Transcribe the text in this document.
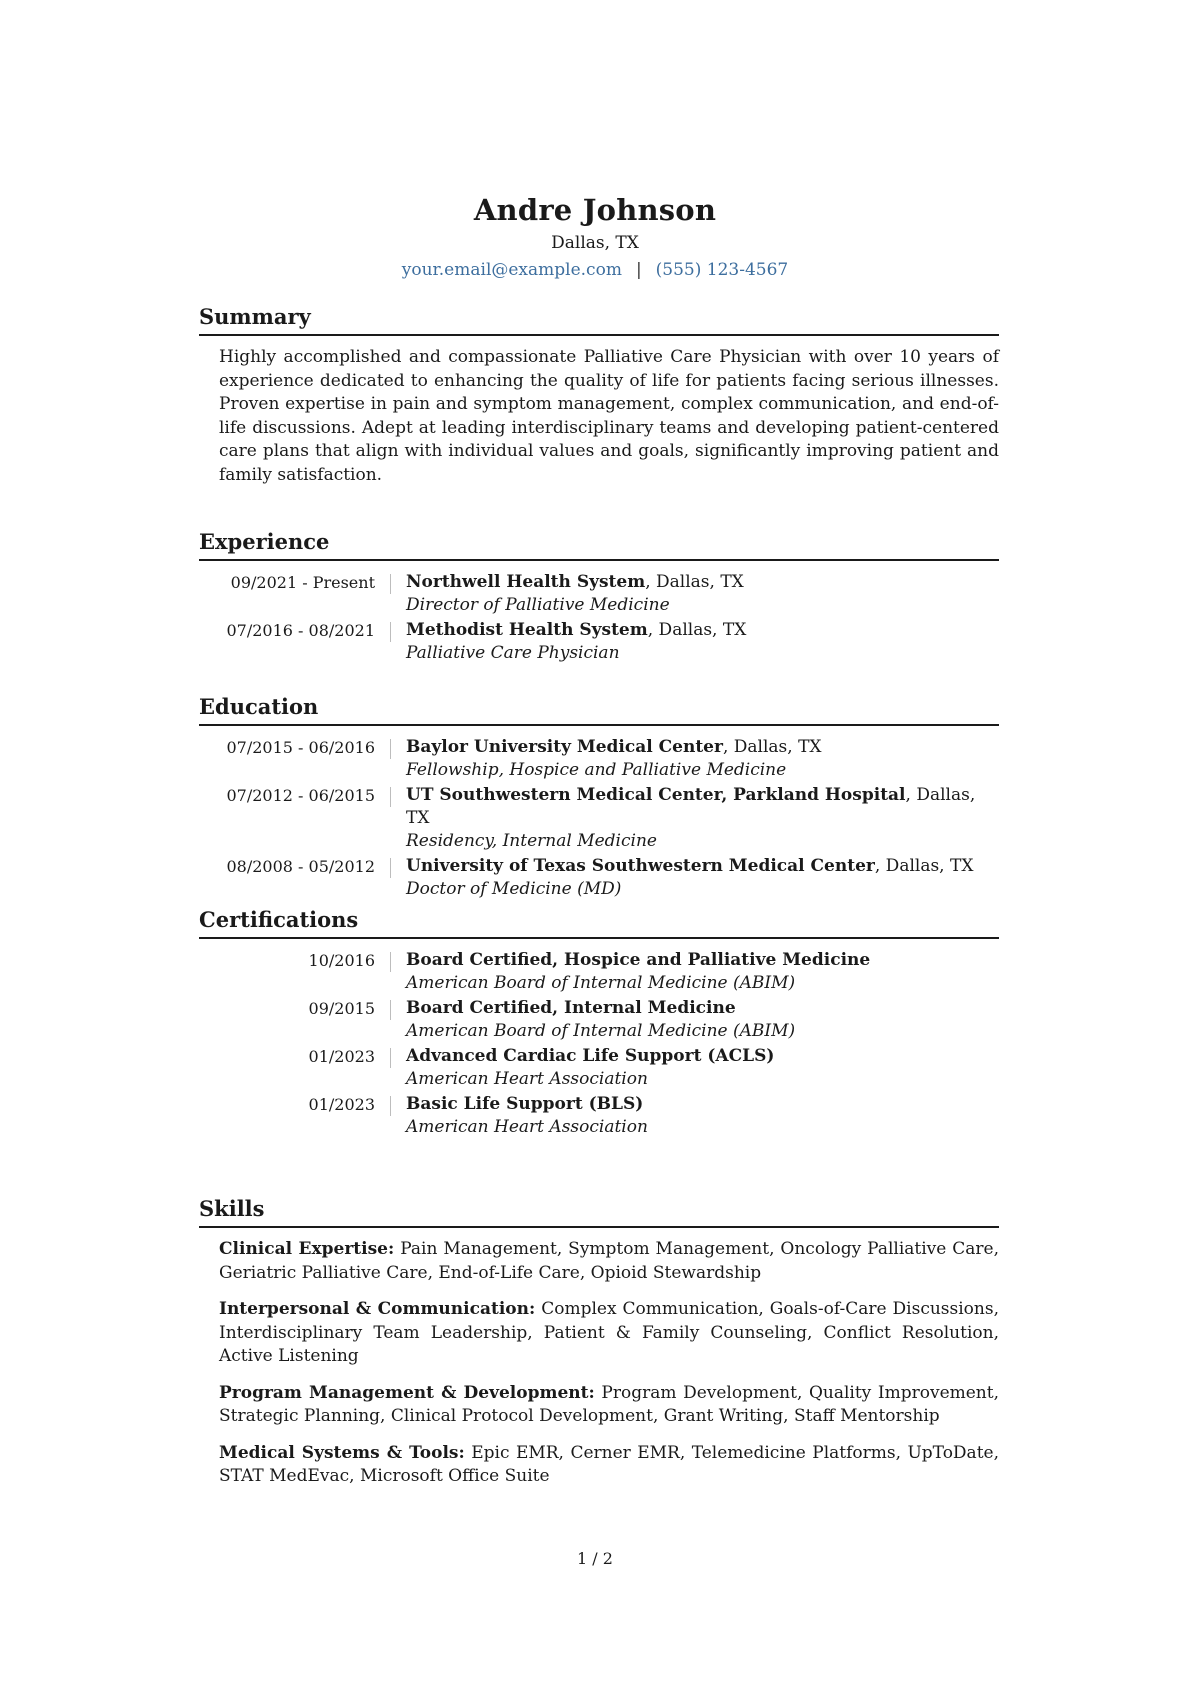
Andre Johnson
Dallas, TX
your.email@example.com | (555) 123-4567
Summary
Highly accomplished and compassionate Palliative Care Physician with over 10 years of experience dedicated to enhancing the quality of life for patients facing serious illnesses. Proven expertise in pain and symptom management, complex communication, and end-of-life discussions. Adept at leading interdisciplinary teams and developing patient-centered care plans that align with individual values and goals, significantly improving patient and family satisfaction.
Experience
09/2021 - Present Northwell Health System, Dallas, TX
Director of Palliative Medicine
07/2016 - 08/2021 Methodist Health System, Dallas, TX
Palliative Care Physician
Education
07/2015 - 06/2016 Baylor University Medical Center, Dallas, TX
Fellowship, Hospice and Palliative Medicine
07/2012 - 06/2015 UT Southwestern Medical Center, Parkland Hospital, Dallas, TX
Residency, Internal Medicine
08/2008 - 05/2012 University of Texas Southwestern Medical Center, Dallas, TX
Doctor of Medicine (MD)
Certifications
10/2016 Board Certified, Hospice and Palliative Medicine
American Board of Internal Medicine (ABIM)
09/2015 Board Certified, Internal Medicine
American Board of Internal Medicine (ABIM)
01/2023 Advanced Cardiac Life Support (ACLS)
American Heart Association
01/2023 Basic Life Support (BLS)
American Heart Association
Skills
Clinical Expertise: Pain Management, Symptom Management, Oncology Palliative Care, Geriatric Palliative Care, End-of-Life Care, Opioid Stewardship
Interpersonal & Communication: Complex Communication, Goals-of-Care Discussions, Interdisciplinary Team Leadership, Patient & Family Counseling, Conflict Resolution, Active Listening
Program Management & Development: Program Development, Quality Improvement, Strategic Planning, Clinical Protocol Development, Grant Writing, Staff Mentorship
Medical Systems & Tools: Epic EMR, Cerner EMR, Telemedicine Platforms, UpToDate, STAT MedEvac, Microsoft Office Suite
1 / 2
